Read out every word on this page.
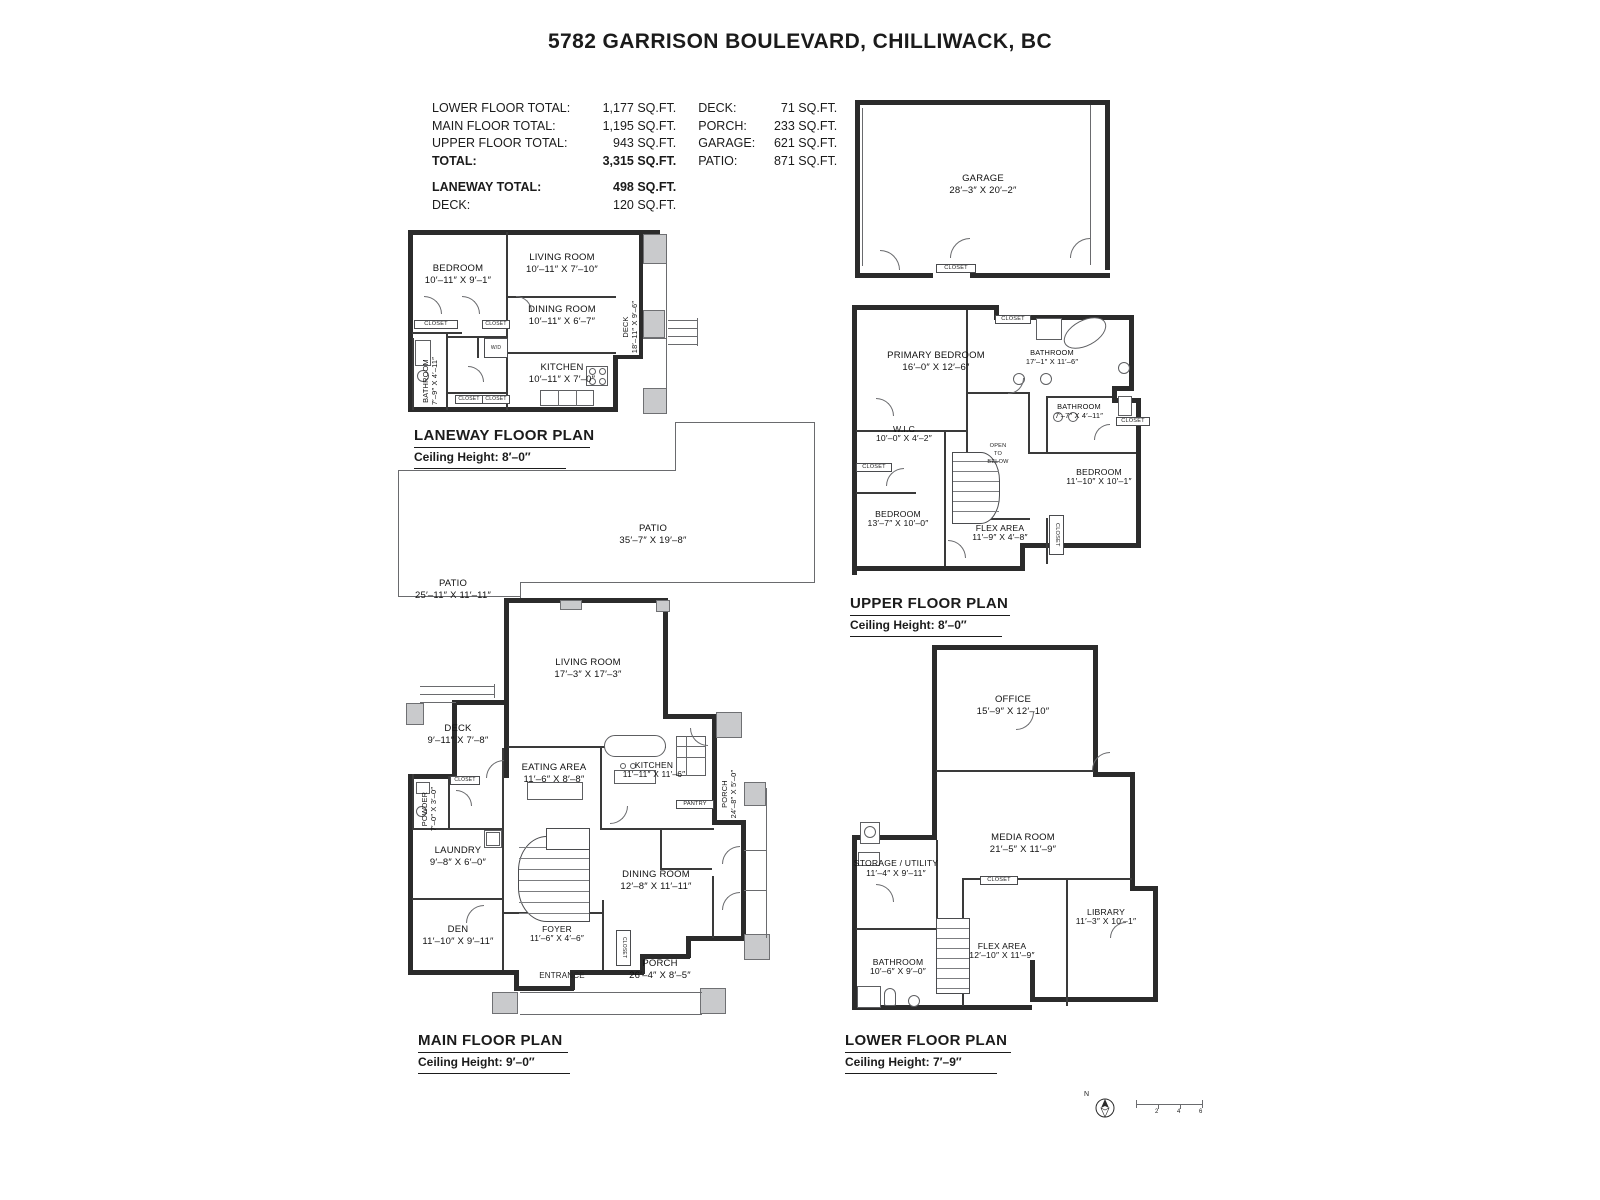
5782 GARRISON BOULEVARD, CHILLIWACK, BC
LOWER FLOOR TOTAL:	1,177 SQ.FT.	DECK:	71 SQ.FT.
MAIN FLOOR TOTAL:	1,195 SQ.FT.	PORCH:	233 SQ.FT.
UPPER FLOOR TOTAL:	943 SQ.FT.	GARAGE:	621 SQ.FT.
TOTAL:	3,315 SQ.FT.	PATIO:	871 SQ.FT.

LANEWAY TOTAL:	498 SQ.FT.		
DECK:	120 SQ.FT.		
CLOSET	CLOSET
CLOSET	CLOSET
W/D
BEDROOM
10′–11″ X 9′–1″
LIVING ROOM
10′–11″ X 7′–10″
DINING ROOM
10′–11″ X 6′–7″
KITCHEN
10′–11″ X 7′–0″
BATHROOM 7′–9″ X 4′–11″
DECK 18′–11″ X 9′–6″
LANEWAY FLOOR PLAN
Ceiling Height: 8′–0″
CLOSET
GARAGE
28′–3″ X 20′–2″
CLOSET
CLOSET
CLOSET
CLOSET
OPEN
TO
BELOW
PRIMARY BEDROOM
16′–0″ X 12′–6″
BATHROOM
17′–1″ X 11′–6″
BATHROOM
7′–7″ X 4′–11″
BEDROOM
11′–10″ X 10′–1″
BEDROOM
13′–7″ X 10′–0″
W.I.C
10′–0″ X 4′–2″
FLEX AREA
11′–9″ X 4′–8″
UPPER FLOOR PLAN
Ceiling Height: 8′–0″
PATIO
35′–7″ X 19′–8″
PATIO
25′–11″ X 11′–11″
PANTRY
CLOSET
CLOSET
ENTRANCE
LIVING ROOM
17′–3″ X 17′–3″
EATING AREA
11′–6″ X 8′–8″
KITCHEN
11′–11″ X 11′–6″
DINING ROOM
12′–8″ X 11′–11″
DEN
11′–10″ X 9′–11″
LAUNDRY
9′–8″ X 6′–0″
FOYER
11′–6″ X 4′–6″
DECK
9′–11″ X 7′–8″
PORCH
26′–4″ X 8′–5″
PORCH 24′–8″ X 5′–0″
POWDER 7′–0″ X 3′–0″
MAIN FLOOR PLAN
Ceiling Height: 9′–0″
CLOSET
OFFICE
15′–9″ X 12′–10″
MEDIA ROOM
21′–5″ X 11′–9″
LIBRARY
11′–3″ X 10′–1″
STORAGE / UTILITY
11′–4″ X 9′–11″
FLEX AREA
12′–10″ X 11′–9″
BATHROOM
10′–6″ X 9′–0″
LOWER FLOOR PLAN
Ceiling Height: 7′–9″
N
2	4	6
